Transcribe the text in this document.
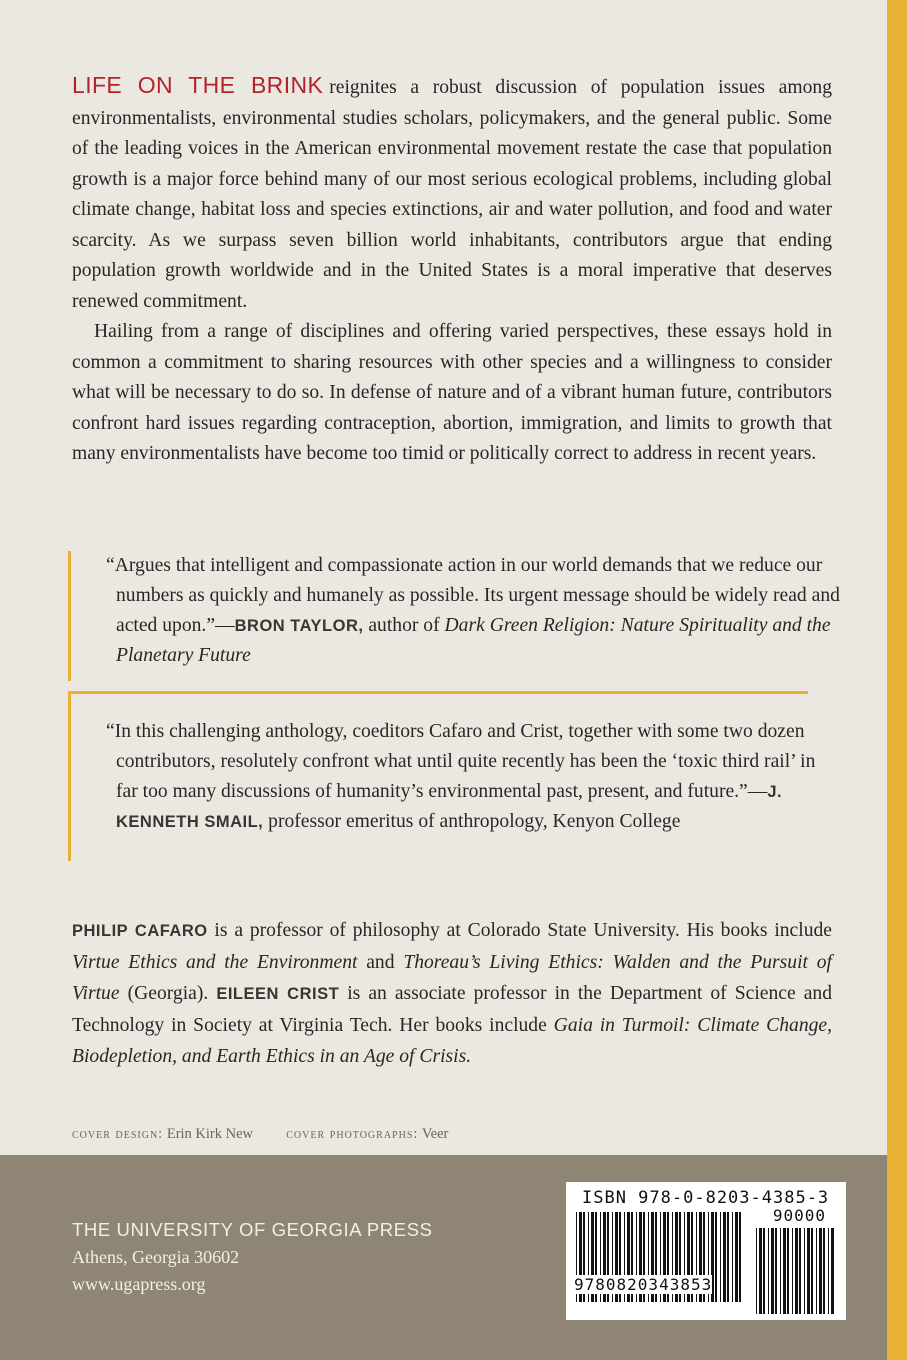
LIFE ON THE BRINK reignites a robust discussion of population issues among environmentalists, environmental studies scholars, policymakers, and the general public. Some of the leading voices in the American environmental movement restate the case that population growth is a major force behind many of our most serious ecological problems, including global climate change, habitat loss and species extinctions, air and water pollution, and food and water scarcity. As we surpass seven billion world inhabitants, contributors argue that ending population growth worldwide and in the United States is a moral imperative that deserves renewed commitment.

Hailing from a range of disciplines and offering varied perspectives, these essays hold in common a commitment to sharing resources with other species and a willingness to consider what will be necessary to do so. In defense of nature and of a vibrant human future, contributors confront hard issues regarding contraception, abortion, immigration, and limits to growth that many environmentalists have become too timid or politically correct to address in recent years.

“Argues that intelligent and compassionate action in our world demands that we reduce our numbers as quickly and humanely as possible. Its urgent message should be widely read and acted upon.”—BRON TAYLOR, author of Dark Green Religion: Nature Spirituality and the Planetary Future
“In this challenging anthology, coeditors Cafaro and Crist, together with some two dozen contributors, resolutely confront what until quite recently has been the ‘toxic third rail’ in far too many discussions of humanity’s environmental past, present, and future.”—J. KENNETH SMAIL, professor emeritus of anthropology, Kenyon College
PHILIP CAFARO is a professor of philosophy at Colorado State University. His books include Virtue Ethics and the Environment and Thoreau’s Living Ethics: Walden and the Pursuit of Virtue (Georgia). EILEEN CRIST is an associate professor in the Department of Science and Technology in Society at Virginia Tech. Her books include Gaia in Turmoil: Climate Change, Biodepletion, and Earth Ethics in an Age of Crisis.
cover design: Erin Kirk New cover photographs: Veer
THE UNIVERSITY OF GEORGIA PRESS
Athens, Georgia 30602
www.ugapress.org
ISBN 978-0-8203-4385-3
90000
9780820343853
